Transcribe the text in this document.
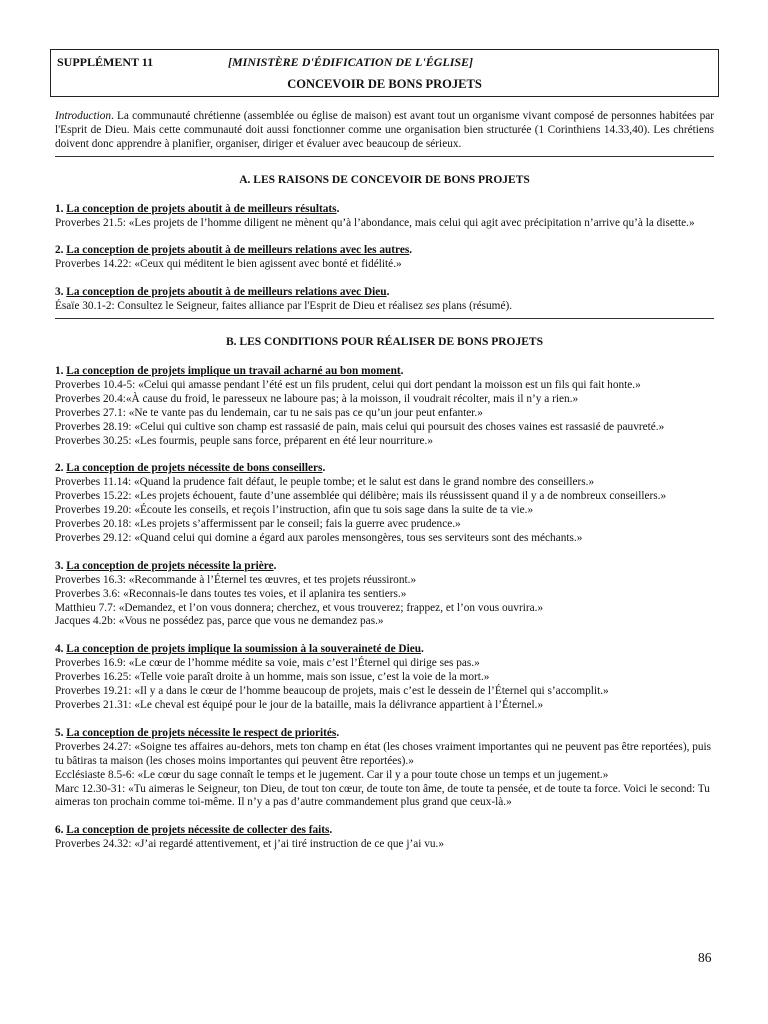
SUPPLÉMENT 11	[MINISTÈRE D'ÉDIFICATION DE L'ÉGLISE]
CONCEVOIR DE BONS PROJETS

Introduction. La communauté chrétienne (assemblée ou église de maison) est avant tout un organisme vivant composé de personnes habitées par l'Esprit de Dieu. Mais cette communauté doit aussi fonctionner comme une organisation bien structurée (1 Corinthiens 14.33,40). Les chrétiens doivent donc apprendre à planifier, organiser, diriger et évaluer avec beaucoup de sérieux.

A. LES RAISONS DE CONCEVOIR DE BONS PROJETS
1. La conception de projets aboutit à de meilleurs résultats.

Proverbes 21.5: «Les projets de l’homme diligent ne mènent qu’à l’abondance, mais celui qui agit avec précipitation n’arrive qu’à la disette.»

2. La conception de projets aboutit à de meilleurs relations avec les autres.

Proverbes 14.22: «Ceux qui méditent le bien agissent avec bonté et fidélité.»

3. La conception de projets aboutit à de meilleurs relations avec Dieu.

Ésaïe 30.1-2: Consultez le Seigneur, faites alliance par l'Esprit de Dieu et réalisez ses plans (résumé).

B. LES CONDITIONS POUR RÉALISER DE BONS PROJETS
1. La conception de projets implique un travail acharné au bon moment.

Proverbes 10.4-5: «Celui qui amasse pendant l’été est un fils prudent, celui qui dort pendant la moisson est un fils qui fait honte.»

Proverbes 20.4:«À cause du froid, le paresseux ne laboure pas; à la moisson, il voudrait récolter, mais il n’y a rien.»

Proverbes 27.1: «Ne te vante pas du lendemain, car tu ne sais pas ce qu’un jour peut enfanter.»

Proverbes 28.19: «Celui qui cultive son champ est rassasié de pain, mais celui qui poursuit des choses vaines est rassasié de pauvreté.»

Proverbes 30.25: «Les fourmis, peuple sans force, préparent en été leur nourriture.»

2. La conception de projets nécessite de bons conseillers.

Proverbes 11.14: «Quand la prudence fait défaut, le peuple tombe; et le salut est dans le grand nombre des conseillers.»

Proverbes 15.22: «Les projets échouent, faute d’une assemblée qui délibère; mais ils réussissent quand il y a de nombreux conseillers.»

Proverbes 19.20: «Écoute les conseils, et reçois l’instruction, afin que tu sois sage dans la suite de ta vie.»

Proverbes 20.18: «Les projets s’affermissent par le conseil; fais la guerre avec prudence.»

Proverbes 29.12: «Quand celui qui domine a égard aux paroles mensongères, tous ses serviteurs sont des méchants.»

3. La conception de projets nécessite la prière.

Proverbes 16.3: «Recommande à l’Éternel tes œuvres, et tes projets réussiront.»

Proverbes 3.6: «Reconnais-le dans toutes tes voies, et il aplanira tes sentiers.»

Matthieu 7.7: «Demandez, et l’on vous donnera; cherchez, et vous trouverez; frappez, et l’on vous ouvrira.»

Jacques 4.2b: «Vous ne possédez pas, parce que vous ne demandez pas.»

4. La conception de projets implique la soumission à la souveraineté de Dieu.

Proverbes 16.9: «Le cœur de l’homme médite sa voie, mais c’est l’Éternel qui dirige ses pas.»

Proverbes 16.25: «Telle voie paraît droite à un homme, mais son issue, c’est la voie de la mort.»

Proverbes 19.21: «Il y a dans le cœur de l’homme beaucoup de projets, mais c’est le dessein de l’Éternel qui s’accomplit.»

Proverbes 21.31: «Le cheval est équipé pour le jour de la bataille, mais la délivrance appartient à l’Éternel.»

5. La conception de projets nécessite le respect de priorités.

Proverbes 24.27: «Soigne tes affaires au-dehors, mets ton champ en état (les choses vraiment importantes qui ne peuvent pas être reportées), puis tu bâtiras ta maison (les choses moins importantes qui peuvent être reportées).»

Ecclésiaste 8.5-6: «Le cœur du sage connaît le temps et le jugement. Car il y a pour toute chose un temps et un jugement.»

Marc 12.30-31: «Tu aimeras le Seigneur, ton Dieu, de tout ton cœur, de toute ton âme, de toute ta pensée, et de toute ta force. Voici le second: Tu aimeras ton prochain comme toi-même. Il n’y a pas d’autre commandement plus grand que ceux-là.»

6. La conception de projets nécessite de collecter des faits.

Proverbes 24.32: «J’ai regardé attentivement, et j’ai tiré instruction de ce que j’ai vu.»

86
